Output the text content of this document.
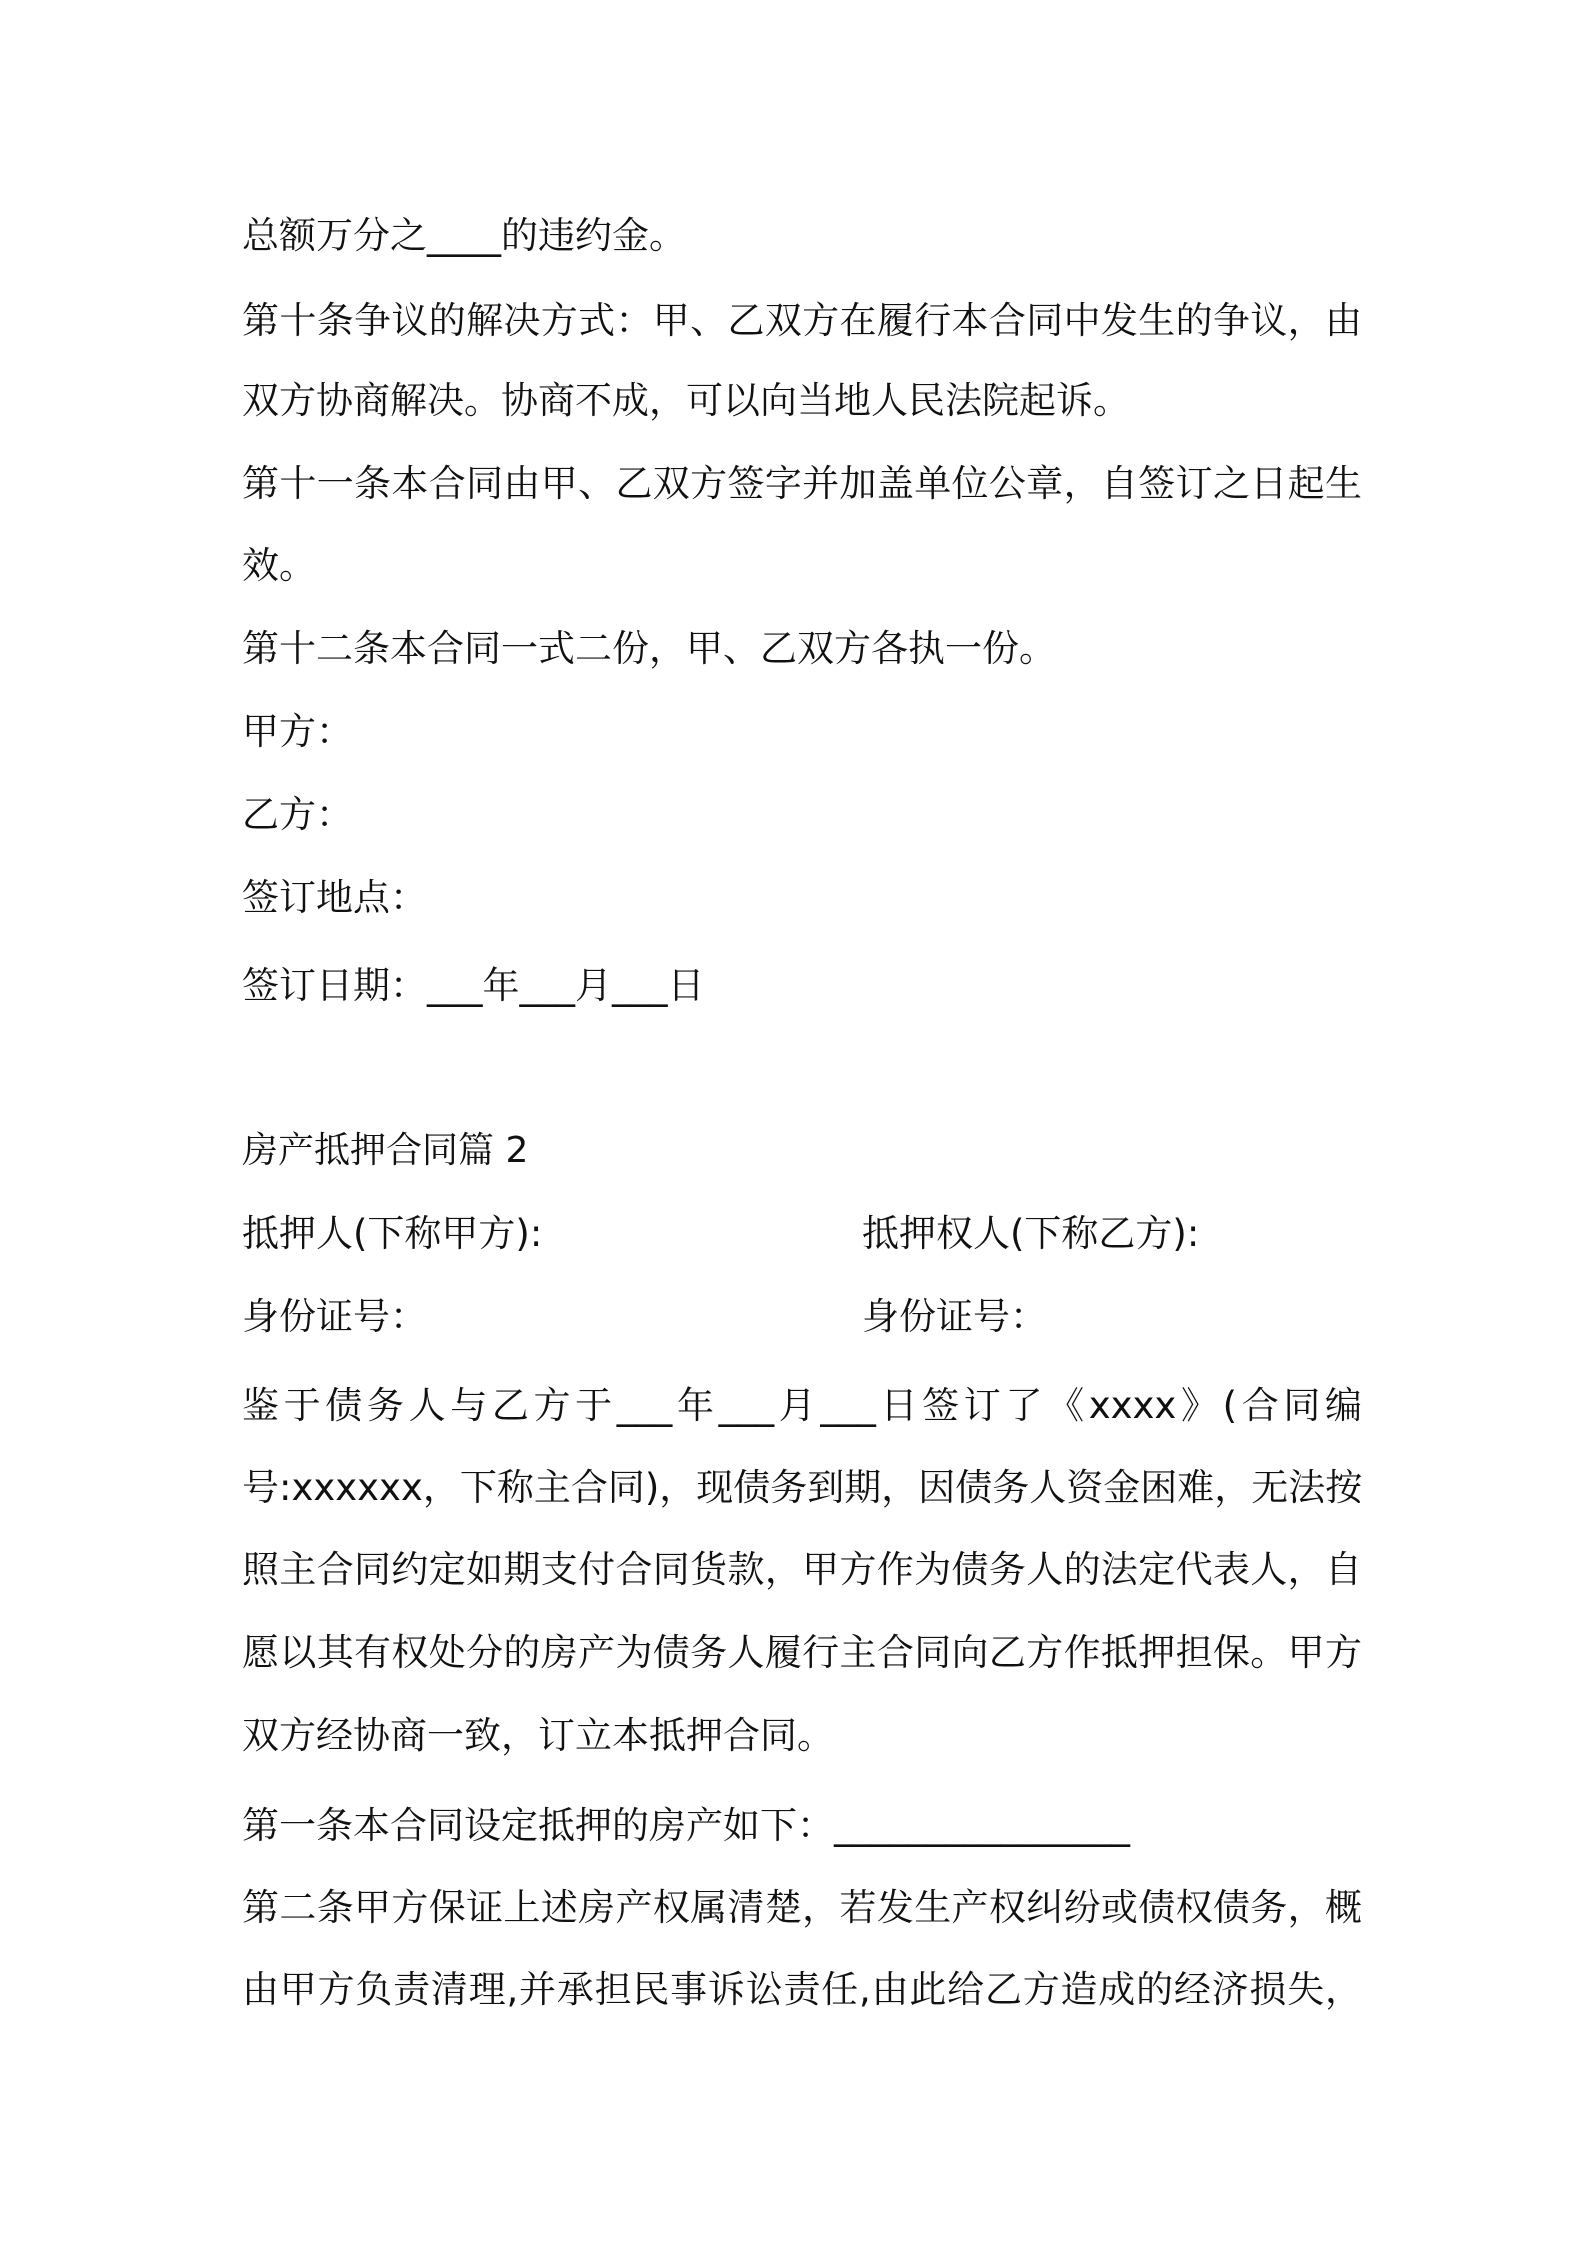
总额万分之____的违约金。
第十条争议的解决方式：甲、乙双方在履行本合同中发生的争议，由
双方协商解决。协商不成，可以向当地人民法院起诉。
第十一条本合同由甲、乙双方签字并加盖单位公章，自签订之日起生
效。
第十二条本合同一式二份，甲、乙双方各执一份。
甲方：
乙方：
签订地点：
签订日期：___年___月___日
房产抵押合同篇 2
抵押人(下称甲方):	抵押权人(下称乙方):
身份证号：	身份证号：
鉴于债务人与乙方于___年___月___日签订了《xxxx》(合同编
号:xxxxxx，下称主合同)，现债务到期，因债务人资金困难，无法按
照主合同约定如期支付合同货款，甲方作为债务人的法定代表人，自
愿以其有权处分的房产为债务人履行主合同向乙方作抵押担保。甲方
双方经协商一致，订立本抵押合同。
第一条本合同设定抵押的房产如下：________________
第二条甲方保证上述房产权属清楚，若发生产权纠纷或债权债务，概
由甲方负责清理,并承担民事诉讼责任,由此给乙方造成的经济损失，
